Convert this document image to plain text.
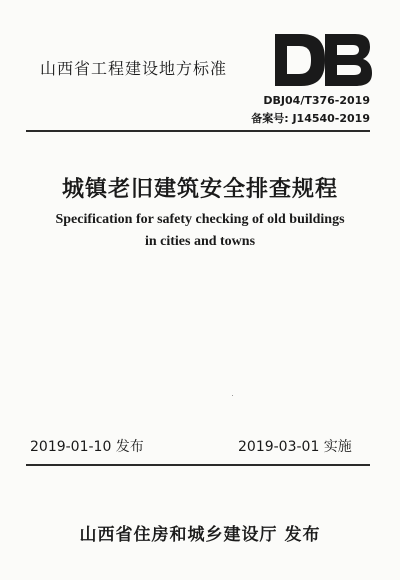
山西省工程建设地方标准
DBJ04/T376-2019
备案号: J14540-2019
城镇老旧建筑安全排查规程
Specification for safety checking of old buildings
in cities and towns
2019-01-10 发布	2019-03-01 实施
山西省住房和城乡建设厅 发布
